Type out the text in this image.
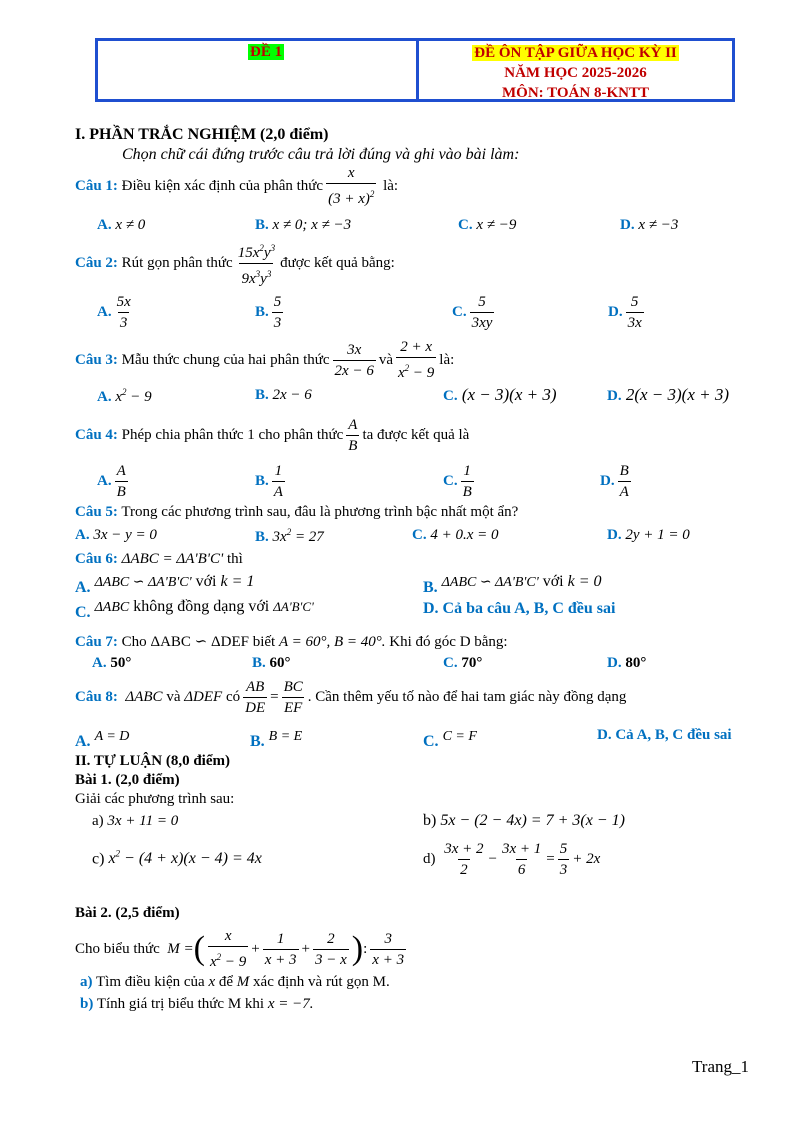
ĐỀ 1	ĐỀ ÔN TẬP GIỮA HỌC KỲ II
NĂM HỌC 2025-2026
MÔN: TOÁN 8-KNTT
I. PHẦN TRẮC NGHIỆM (2,0 điểm)
Chọn chữ cái đứng trước câu trả lời đúng và ghi vào bài làm:
Câu 1:
Điều kiện xác định của phân thức $\frac{x}{(3 + x)^2}$
là:
A. x ≠ 0	B. x ≠ 0; x ≠ −3	C. x ≠ −9	D. x ≠ −3
Câu 2:
Rút gọn phân thức $\frac{15x^2y^3}{9x^3y^3}$ được kết quả bằng:
A. $\frac{5x}{3}$	B. $\frac{5}{3}$	C. $\frac{5}{3xy}$	D. $\frac{5}{3x}$
Câu 3:
Mẫu thức chung của hai phân thức $\frac{3x}{2x - 6}$ và $\frac{2 + x}{x^2 - 9}$ là:
A. $x^2 - 9$	B. 2x − 6	C. (x − 3)(x + 3)	D. 2(x − 3)(x + 3)
Câu 4:
Phép chia phân thức 1 cho phân thức $\frac{A}{B}$ ta được kết quả là
A. $\frac{A}{B}$	B. $\frac{1}{A}$	C. $\frac{1}{B}$	D. $\frac{B}{A}$
Câu 5: Trong các phương trình sau, đâu là phương trình bậc nhất một ẩn?
A. 3x − y = 0	B. $3x^2 = 27$	C. 4 + 0.x = 0	D. 2y + 1 = 0
Câu 6: ΔABC = ΔA'B'C' thì
A. ΔABC ∽ ΔA'B'C' với k = 1	B. ΔABC ∽ ΔA'B'C' với k = 0
C. ΔABC không đồng dạng với ΔA'B'C'	D. Cả ba câu A, B, C đều sai
Câu 7: Cho ΔABC ∽ ΔDEF biết A = 60°, B = 40°. Khi đó góc D bằng:
A. 50°	B. 60°	C. 70°	D. 80°
Câu 8:
ΔABC và ΔDEF có $\frac{AB}{DE} = \frac{BC}{EF}$ . Cần thêm yếu tố nào để hai tam giác này đồng dạng
A. A = D	B. B = E	C. C = F	D. Cả A, B, C đều sai
II. TỰ LUẬN (8,0 điểm)
Bài 1. (2,0 điểm)
Giải các phương trình sau:
a) 3x + 11 = 0	b) 5x − (2 − 4x) = 7 + 3(x − 1)
c) $x^2 - (4 + x)(x - 4) = 4x$	d)
$\frac{3x + 2}{2} - \frac{3x + 1}{6} = \frac{5}{3} + 2x$
Bài 2. (2,5 điểm)
Cho biểu thức
M = ( $\frac{x}{x^2 - 9} + \frac{1}{x + 3} + \frac{2}{3 - x}$ ) : $\frac{3}{x + 3}$
a) Tìm điều kiện của x để M xác định và rút gọn M.
b) Tính giá trị biểu thức M khi x = −7.
Trang_1
